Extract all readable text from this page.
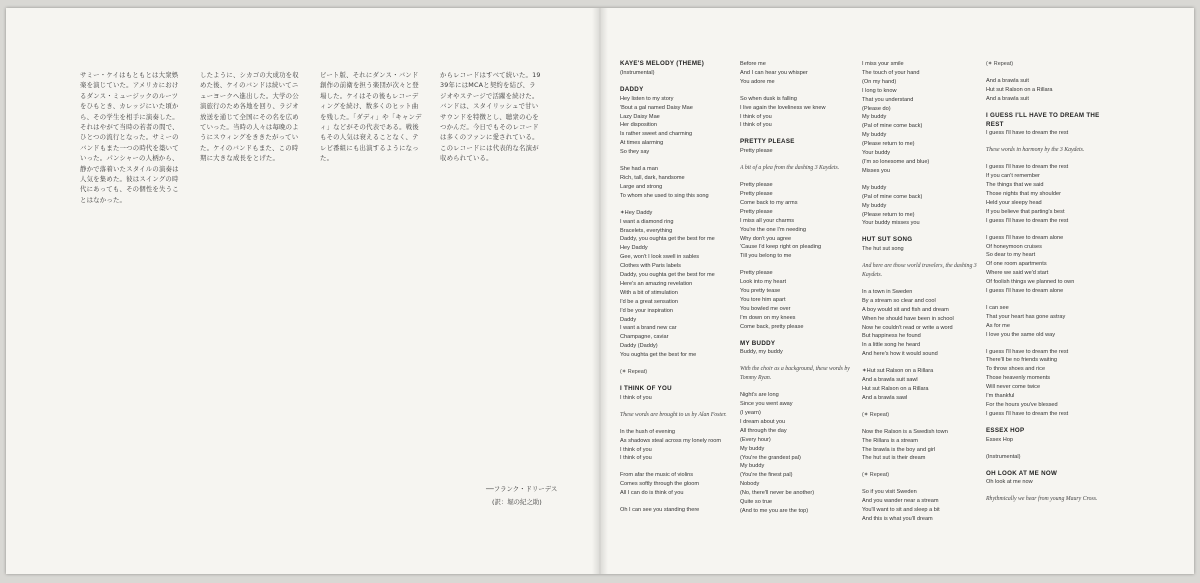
サミー・ケイはもともとは大衆娯楽を演じていた。アメリカにおけるダンス・ミュージックのルーツをひもとき、カレッジにいた頃から、その学生を相手に演奏した。それはやがて当時の若者の間で、ひとつの流行となった。サミーのバンドもまた一つの時代を築いていった。パンシャーの人柄から、静かで落着いたスタイルの演奏は人気を集めた。彼はスイングの時代にあっても、その個性を失うことはなかった。

したように、シカゴの大成功を収めた後、ケイのバンドは続いてニューヨークへ進出した。大学の公演旅行のため各地を回り、ラジオ放送を通じて全国にその名を広めていった。当時の人々は毎晩のようにスウィングをききたがっていた。ケイのバンドもまた、この時期に大きな成長をとげた。

ビート版、それにダンス・バンド創作の前衛を担う楽団が次々と登場した。ケイはその後もレコーディングを続け、数多くのヒット曲を残した。「ダディ」や「キャンディ」などがその代表である。戦後もその人気は衰えることなく、テレビ番組にも出演するようになった。

からレコードはすべて続いた。1939年にはMCAと契約を結び、ラジオやステージで活躍を続けた。バンドは、スタイリッシュで甘いサウンドを特徴とし、聴衆の心をつかんだ。今日でもそのレコードは多くのファンに愛されている。このレコードには代表的な名演が収められている。

──フランク・ドリーデス
(訳：堀の紀之助)
KAYE'S MELODY (THEME)
(Instrumental)
DADDY
Hey listen to my story
'Bout a gal named Daisy Mae
Lazy Daisy Mae
Her disposition
Is rather sweet and charming
At times alarming
So they say
She had a man
Rich, tall, dark, handsome
Large and strong
To whom she used to sing this song
✶Hey Daddy
I want a diamond ring
Bracelets, everything
Daddy, you oughta get the best for me
Hey Daddy
Gee, won't I look swell in sables
Clothes with Paris labels
Daddy, you oughta get the best for me
Here's an amazing revelation
With a bit of stimulation
I'd be a great sensation
I'd be your inspiration
Daddy
I want a brand new car
Champagne, caviar
Daddy (Daddy)
You oughta get the best for me
(✶ Repeat)
I THINK OF YOU
I think of you
These words are brought to us by Alan Foster.
In the hush of evening
As shadows steal across my lonely room
I think of you
I think of you
From afar the music of violins
Comes softly through the gloom
All I can do is think of you
Oh I can see you standing there
Before me
And I can hear you whisper
You adore me
So when dusk is falling
I live again the loveliness we knew
I think of you
I think of you
PRETTY PLEASE
Pretty please
A bit of a plea from the dashing 3 Kaydets.
Pretty please
Pretty please
Come back to my arms
Pretty please
I miss all your charms
You're the one I'm needing
Why don't you agree
'Cause I'd keep right on pleading
Till you belong to me
Pretty please
Look into my heart
You pretty tease
You tore him apart
You bowled me over
I'm down on my knees
Come back, pretty please
MY BUDDY
Buddy, my buddy
With the choir as a background, these words by Tommy Ryan.
Night's are long
Since you went away
(I yearn)
I dream about you
All through the day
(Every hour)
My buddy
(You're the grandest pal)
My buddy
(You're the finest pal)
Nobody
(No, there'll never be another)
Quite so true
(And to me you are the top)
I miss your smile
The touch of your hand
(On my hand)
I long to know
That you understand
(Please do)
My buddy
(Pal of mine come back)
My buddy
(Please return to me)
Your buddy
(I'm so lonesome and blue)
Misses you
My buddy
(Pal of mine come back)
My buddy
(Please return to me)
Your buddy misses you
HUT SUT SONG
The hut sut song
And here are those world travelers, the dashing 3 Kaydets.
In a town in Sweden
By a stream so clear and cool
A boy would sit and fish and dream
When he should have been in school
Now he couldn't read or write a word
But happiness he found
In a little song he heard
And here's how it would sound
✶Hut sut Ralson on a Rillara
And a brawla suit sawl
Hut sut Ralson on a Rillara
And a brawla sawl
(✶ Repeat)
Now the Ralson is a Swedish town
The Rillara is a stream
The brawla is the boy and girl
The hut sut is their dream
(✶ Repeat)
So if you visit Sweden
And you wander near a stream
You'll want to sit and sleep a bit
And this is what you'll dream
(✶ Repeat)
And a brawla suit
Hut sut Ralson on a Rillara
And a brawla suit
I GUESS I'LL HAVE TO DREAM THE REST
I guess I'll have to dream the rest
These words in harmony by the 3 Kaydets.
I guess I'll have to dream the rest
If you can't remember
The things that we said
Those nights that my shoulder
Held your sleepy head
If you believe that parting's best
I guess I'll have to dream the rest
I guess I'll have to dream alone
Of honeymoon cruises
So dear to my heart
Of one room apartments
Where we said we'd start
Of foolish things we planned to own
I guess I'll have to dream alone
I can see
That your heart has gone astray
As for me
I love you the same old way
I guess I'll have to dream the rest
There'll be no friends waiting
To throw shoes and rice
Those heavenly moments
Will never come twice
I'm thankful
For the hours you've blessed
I guess I'll have to dream the rest
ESSEX HOP
Essex Hop
(Instrumental)
OH LOOK AT ME NOW
Oh look at me now
Rhythmically we hear from young Maury Cross.
